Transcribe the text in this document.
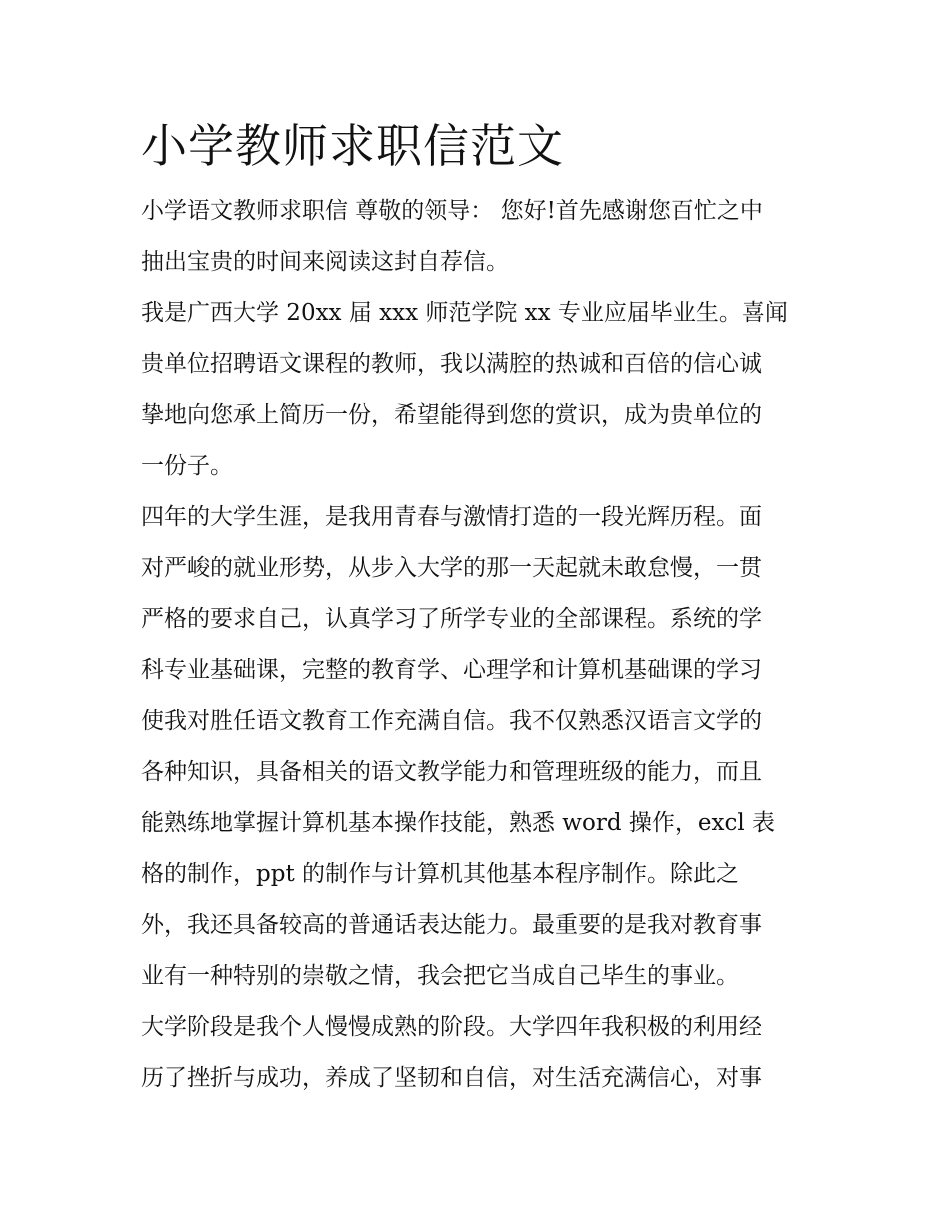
小学教师求职信范文
小学语文教师求职信 尊敬的领导： 您好!首先感谢您百忙之中
抽出宝贵的时间来阅读这封自荐信。
我是广西大学 20xx 届 xxx 师范学院 xx 专业应届毕业生。喜闻
贵单位招聘语文课程的教师，我以满腔的热诚和百倍的信心诚
挚地向您承上简历一份，希望能得到您的赏识，成为贵单位的
一份子。
四年的大学生涯，是我用青春与激情打造的一段光辉历程。面
对严峻的就业形势，从步入大学的那一天起就未敢怠慢，一贯
严格的要求自己，认真学习了所学专业的全部课程。系统的学
科专业基础课，完整的教育学、心理学和计算机基础课的学习
使我对胜任语文教育工作充满自信。我不仅熟悉汉语言文学的
各种知识，具备相关的语文教学能力和管理班级的能力，而且
能熟练地掌握计算机基本操作技能，熟悉 word 操作，excl 表
格的制作，ppt 的制作与计算机其他基本程序制作。除此之
外，我还具备较高的普通话表达能力。最重要的是我对教育事
业有一种特别的崇敬之情，我会把它当成自己毕生的事业。
大学阶段是我个人慢慢成熟的阶段。大学四年我积极的利用经
历了挫折与成功，养成了坚韧和自信，对生活充满信心，对事
